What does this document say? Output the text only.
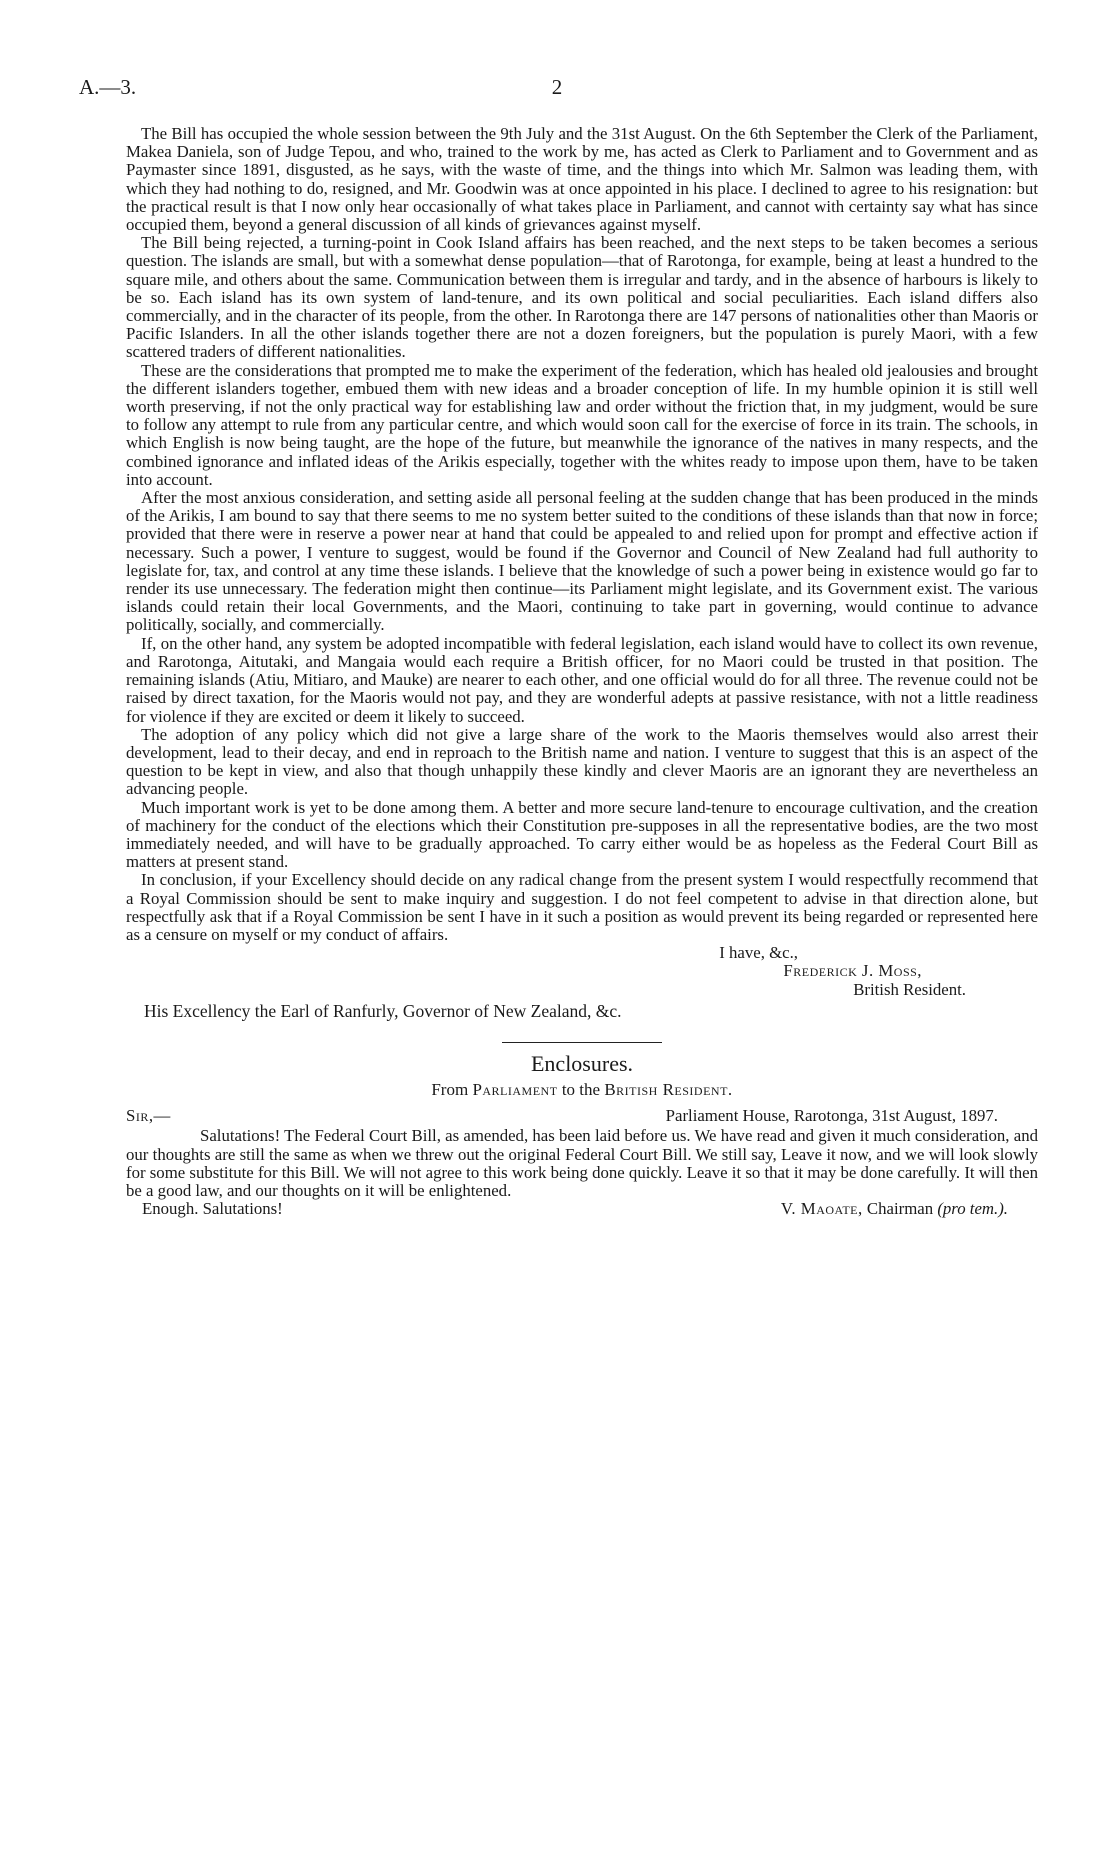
A.—3.	2

The Bill has occupied the whole session between the 9th July and the 31st August. On the 6th September the Clerk of the Parliament, Makea Daniela, son of Judge Tepou, and who, trained to the work by me, has acted as Clerk to Parliament and to Government and as Paymaster since 1891, disgusted, as he says, with the waste of time, and the things into which Mr. Salmon was leading them, with which they had nothing to do, resigned, and Mr. Goodwin was at once appointed in his place. I declined to agree to his resignation: but the practical result is that I now only hear occasionally of what takes place in Parliament, and cannot with certainty say what has since occupied them, beyond a general discussion of all kinds of grievances against myself.

The Bill being rejected, a turning-point in Cook Island affairs has been reached, and the next steps to be taken becomes a serious question. The islands are small, but with a somewhat dense population—that of Rarotonga, for example, being at least a hundred to the square mile, and others about the same. Communication between them is irregular and tardy, and in the absence of harbours is likely to be so. Each island has its own system of land-tenure, and its own political and social peculiarities. Each island differs also commercially, and in the character of its people, from the other. In Rarotonga there are 147 persons of nationalities other than Maoris or Pacific Islanders. In all the other islands together there are not a dozen foreigners, but the population is purely Maori, with a few scattered traders of different nationalities.

These are the considerations that prompted me to make the experiment of the federation, which has healed old jealousies and brought the different islanders together, embued them with new ideas and a broader conception of life. In my humble opinion it is still well worth preserving, if not the only practical way for establishing law and order without the friction that, in my judgment, would be sure to follow any attempt to rule from any particular centre, and which would soon call for the exercise of force in its train. The schools, in which English is now being taught, are the hope of the future, but meanwhile the ignorance of the natives in many respects, and the combined ignorance and inflated ideas of the Arikis especially, together with the whites ready to impose upon them, have to be taken into account.

After the most anxious consideration, and setting aside all personal feeling at the sudden change that has been produced in the minds of the Arikis, I am bound to say that there seems to me no system better suited to the conditions of these islands than that now in force; provided that there were in reserve a power near at hand that could be appealed to and relied upon for prompt and effective action if necessary. Such a power, I venture to suggest, would be found if the Governor and Council of New Zealand had full authority to legislate for, tax, and control at any time these islands. I believe that the knowledge of such a power being in existence would go far to render its use unnecessary. The federation might then continue—its Parliament might legislate, and its Government exist. The various islands could retain their local Governments, and the Maori, continuing to take part in governing, would continue to advance politically, socially, and commercially.

If, on the other hand, any system be adopted incompatible with federal legislation, each island would have to collect its own revenue, and Rarotonga, Aitutaki, and Mangaia would each require a British officer, for no Maori could be trusted in that position. The remaining islands (Atiu, Mitiaro, and Mauke) are nearer to each other, and one official would do for all three. The revenue could not be raised by direct taxation, for the Maoris would not pay, and they are wonderful adepts at passive resistance, with not a little readiness for violence if they are excited or deem it likely to succeed.

The adoption of any policy which did not give a large share of the work to the Maoris themselves would also arrest their development, lead to their decay, and end in reproach to the British name and nation. I venture to suggest that this is an aspect of the question to be kept in view, and also that though unhappily these kindly and clever Maoris are an ignorant they are nevertheless an advancing people.

Much important work is yet to be done among them. A better and more secure land-tenure to encourage cultivation, and the creation of machinery for the conduct of the elections which their Constitution pre-supposes in all the representative bodies, are the two most immediately needed, and will have to be gradually approached. To carry either would be as hopeless as the Federal Court Bill as matters at present stand.

In conclusion, if your Excellency should decide on any radical change from the present system I would respectfully recommend that a Royal Commission should be sent to make inquiry and suggestion. I do not feel competent to advise in that direction alone, but respectfully ask that if a Royal Commission be sent I have in it such a position as would prevent its being regarded or represented here as a censure on myself or my conduct of affairs.

I have, &c.,
Frederick J. Moss,
British Resident.
His Excellency the Earl of Ranfurly, Governor of New Zealand, &c.
Enclosures.
From Parliament to the British Resident.
Sir,—	Parliament House, Rarotonga, 31st August, 1897.

Salutations! The Federal Court Bill, as amended, has been laid before us. We have read and given it much consideration, and our thoughts are still the same as when we threw out the original Federal Court Bill. We still say, Leave it now, and we will look slowly for some substitute for this Bill. We will not agree to this work being done quickly. Leave it so that it may be done carefully. It will then be a good law, and our thoughts on it will be enlightened.

Enough. Salutations!	V. Maoate, Chairman (pro tem.).
